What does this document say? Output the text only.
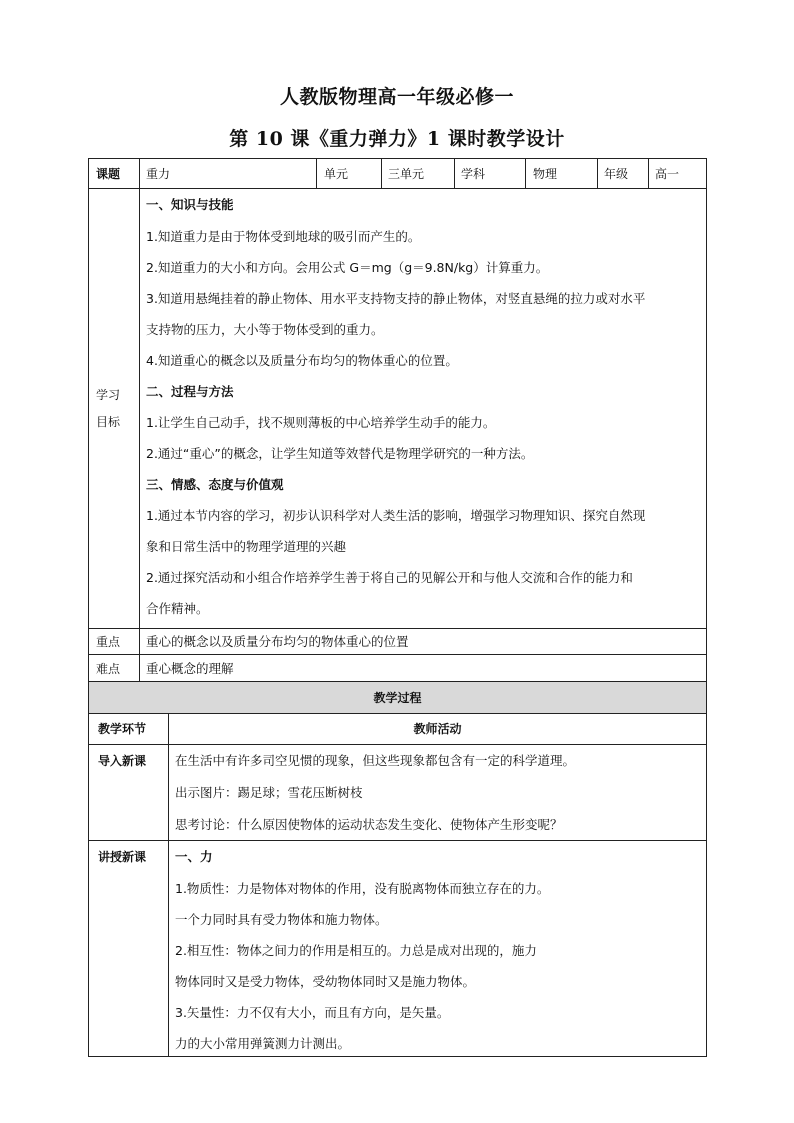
人教版物理高一年级必修一
第 10 课《重力弹力》1 课时教学设计
课题 重力	单元	三单元	学科	物理	年级 高一
学习
目标
一、知识与技能
1.知道重力是由于物体受到地球的吸引而产生的。
2.知道重力的大小和方向。会用公式 G＝mg（g＝9.8N/kg）计算重力。
3.知道用悬绳挂着的静止物体、用水平支持物支持的静止物体，对竖直悬绳的拉力或对水平
支持物的压力，大小等于物体受到的重力。
4.知道重心的概念以及质量分布均匀的物体重心的位置。
二、过程与方法
1.让学生自己动手，找不规则薄板的中心培养学生动手的能力。
2.通过“重心”的概念，让学生知道等效替代是物理学研究的一种方法。
三、情感、态度与价值观
1.通过本节内容的学习，初步认识科学对人类生活的影响，增强学习物理知识、探究自然现
象和日常生活中的物理学道理的兴趣
2.通过探究活动和小组合作培养学生善于将自己的见解公开和与他人交流和合作的能力和
合作精神。
重点 重心的概念以及质量分布均匀的物体重心的位置
难点 重心概念的理解
教学过程
教学环节	教师活动
导入新课 在生活中有许多司空见惯的现象，但这些现象都包含有一定的科学道理。
出示图片：踢足球；雪花压断树枝
思考讨论：什么原因使物体的运动状态发生变化、使物体产生形变呢？
讲授新课 一、力
1.物质性：力是物体对物体的作用，没有脱离物体而独立存在的力。
一个力同时具有受力物体和施力物体。
2.相互性：物体之间力的作用是相互的。力总是成对出现的，施力
物体同时又是受力物体，受幼物体同时又是施力物体。
3.矢量性：力不仅有大小，而且有方向，是矢量。
力的大小常用弹簧测力计测出。
